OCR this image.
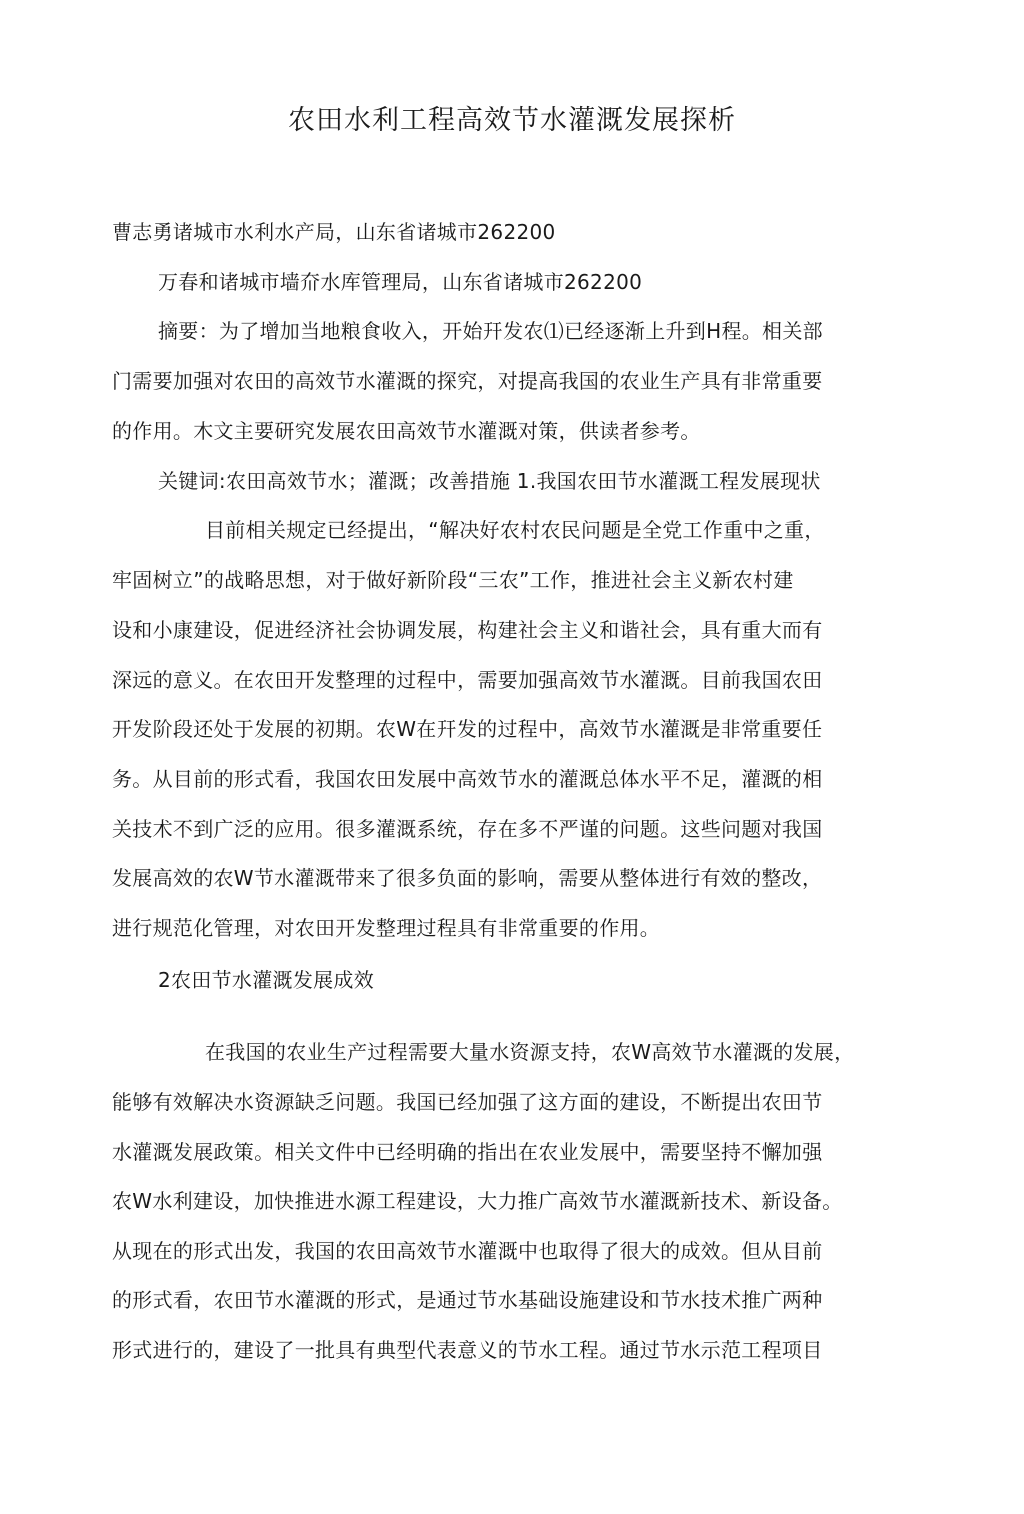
农田水利工程高效节水灌溉发展探析
曹志勇诸城市水利水产局，山东省诸城市262200
万春和诸城市墙夼水库管理局，山东省诸城市262200
摘要：为了增加当地粮食收入，开始幵发农⑴已经逐渐上升到H程。相关部
门需要加强对农田的高效节水灌溉的探究，对提高我国的农业生产具有非常重要
的作用。木文主要研究发展农田高效节水灌溉对策，供读者参考。
关键词:农田高效节水；灌溉；改善措施 1.我国农田节水灌溉工程发展现状
目前相关规定已经提出，“解决好农村农民问题是全党工作重中之重，
牢固树立”的战略思想，对于做好新阶段“三农”工作，推进社会主义新农村建
设和小康建设，促进经济社会协调发展，构建社会主义和谐社会，具有重大而有
深远的意义。在农田开发整理的过程中，需要加强高效节水灌溉。目前我国农田
开发阶段还处于发展的初期。农W在幵发的过程中，高效节水灌溉是非常重要任
务。从目前的形式看，我国农田发展中高效节水的灌溉总体水平不足，灌溉的相
关技术不到广泛的应用。很多灌溉系统，存在多不严谨的问题。这些问题对我国
发展高效的农W节水灌溉带来了很多负面的影响，需要从整体进行有效的整改，
进行规范化管理，对农田开发整理过程具有非常重要的作用。
2农田节水灌溉发展成效
在我国的农业生产过程需要大量水资源支持，农W高效节水灌溉的发展，
能够有效解决水资源缺乏问题。我国已经加强了这方面的建设，不断提出农田节
水灌溉发展政策。相关文件中已经明确的指出在农业发展中，需要坚持不懈加强
农W水利建设，加快推进水源工程建设，大力推广高效节水灌溉新技术、新设备。
从现在的形式出发，我国的农田高效节水灌溉中也取得了很大的成效。但从目前
的形式看，农田节水灌溉的形式，是通过节水基础设施建设和节水技术推广两种
形式进行的，建设了一批具有典型代表意义的节水工程。通过节水示范工程项目
